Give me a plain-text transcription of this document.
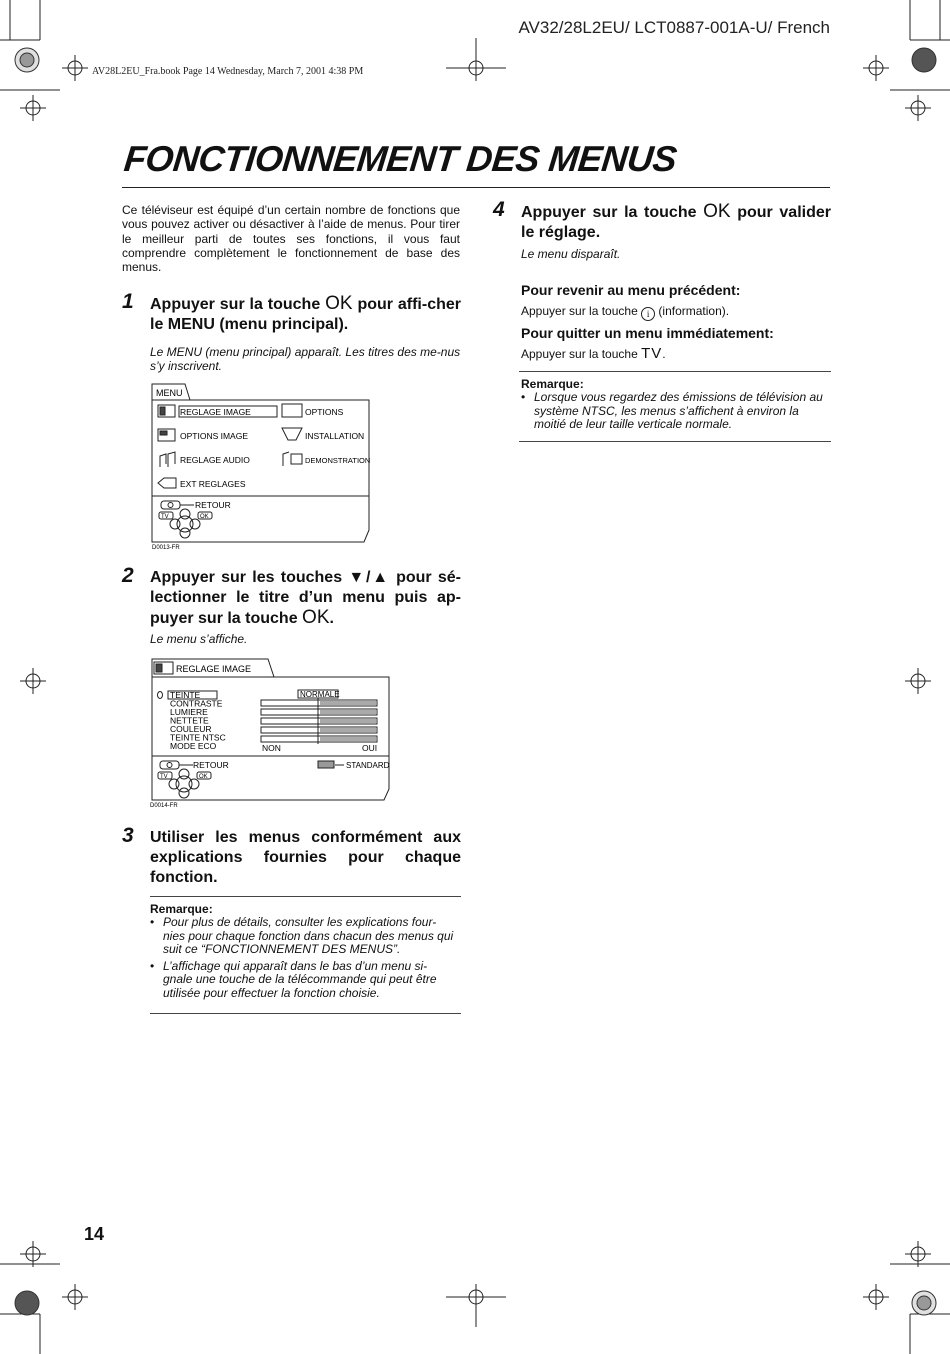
AV32/28L2EU/ LCT0887-001A-U/ French
AV28L2EU_Fra.book Page 14 Wednesday, March 7, 2001 4:38 PM
FONCTIONNEMENT DES MENUS
Ce téléviseur est équipé d’un certain nombre de fonctions que vous pouvez activer ou désactiver à l’aide de menus. Pour tirer le meilleur parti de toutes ses fonctions, il vous faut comprendre complètement le fonctionnement de base des menus.
1 Appuyer sur la touche OK pour affi-cher le MENU (menu principal).
Le MENU (menu principal) apparaît. Les titres des me-nus s’y inscrivent.
MENU
REGLAGE IMAGE
OPTIONS IMAGE
REGLAGE AUDIO
EXT REGLAGES
OPTIONS
INSTALLATION
DEMONSTRATION
RETOUR
TV	OK
D0013-FR
2 Appuyer sur les touches ▼/▲ pour sé-lectionner le titre d’un menu puis ap-puyer sur la touche OK.
Le menu s’affiche.
REGLAGE IMAGE
TEINTE
CONTRASTE
LUMIERE
NETTETE
COULEUR
TEINTE NTSC
MODE ECO
NORMALE
NON	OUI
RETOUR	STANDARD
TV	OK
D0014-FR
3 Utiliser les menus conformément aux explications fournies pour chaque fonction.
Remarque:
• Pour plus de détails, consulter les explications four-nies pour chaque fonction dans chacun des menus qui suit ce “FONCTIONNEMENT DES MENUS”.
• L’affichage qui apparaît dans le bas d’un menu si-gnale une touche de la télécommande qui peut être utilisée pour effectuer la fonction choisie.
4 Appuyer sur la touche OK pour valider le réglage.
Le menu disparaît.
Pour revenir au menu précédent:
Appuyer sur la touche i (information).
Pour quitter un menu immédiatement:
Appuyer sur la touche TV.
Remarque:
• Lorsque vous regardez des émissions de télévision au système NTSC, les menus s’affichent à environ la moitié de leur taille verticale normale.
14
